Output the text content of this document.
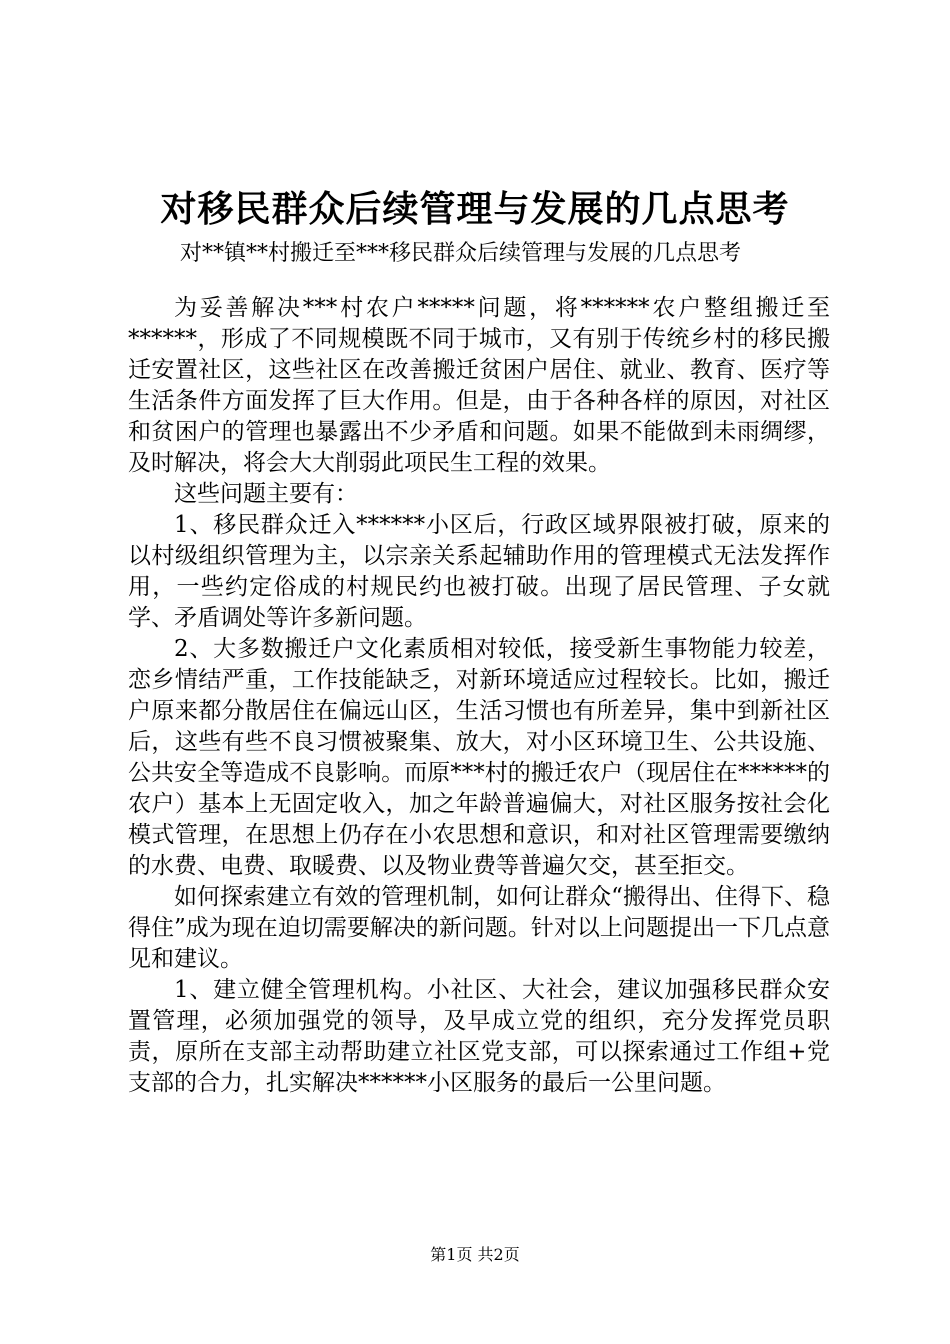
对移民群众后续管理与发展的几点思考
对**镇**村搬迁至***移民群众后续管理与发展的几点思考

为妥善解决***村农户*****问题，将******农户整组搬迁至******，形成了不同规模既不同于城市，又有别于传统乡村的移民搬迁安置社区，这些社区在改善搬迁贫困户居住、就业、教育、医疗等生活条件方面发挥了巨大作用。但是，由于各种各样的原因，对社区和贫困户的管理也暴露出不少矛盾和问题。如果不能做到未雨绸缪，及时解决，将会大大削弱此项民生工程的效果。

这些问题主要有：

1、移民群众迁入******小区后，行政区域界限被打破，原来的以村级组织管理为主，以宗亲关系起辅助作用的管理模式无法发挥作用，一些约定俗成的村规民约也被打破。出现了居民管理、子女就学、矛盾调处等许多新问题。

2、大多数搬迁户文化素质相对较低，接受新生事物能力较差，恋乡情结严重，工作技能缺乏，对新环境适应过程较长。比如，搬迁户原来都分散居住在偏远山区，生活习惯也有所差异，集中到新社区后，这些有些不良习惯被聚集、放大，对小区环境卫生、公共设施、公共安全等造成不良影响。而原***村的搬迁农户（现居住在******的农户）基本上无固定收入，加之年龄普遍偏大，对社区服务按社会化模式管理，在思想上仍存在小农思想和意识，和对社区管理需要缴纳的水费、电费、取暖费、以及物业费等普遍欠交，甚至拒交。

如何探索建立有效的管理机制，如何让群众“搬得出、住得下、稳得住”成为现在迫切需要解决的新问题。针对以上问题提出一下几点意见和建议。

1、建立健全管理机构。小社区、大社会，建议加强移民群众安置管理，必须加强党的领导，及早成立党的组织，充分发挥党员职责，原所在支部主动帮助建立社区党支部，可以探索通过工作组+党支部的合力，扎实解决******小区服务的最后一公里问题。

第1页 共2页
